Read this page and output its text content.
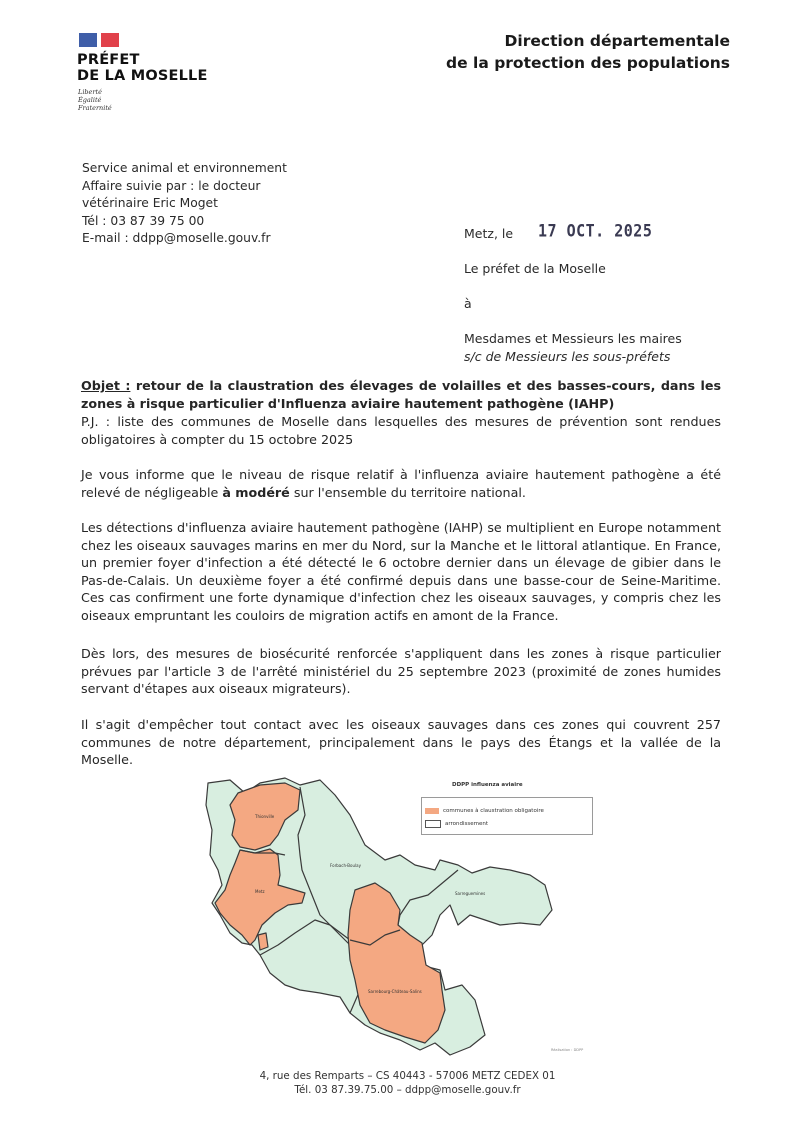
PRÉFET
DE LA MOSELLE
Liberté
Égalité
Fraternité
Direction départementale
de la protection des populations
Service animal et environnement
Affaire suivie par : le docteur
vétérinaire Eric Moget
Tél : 03 87 39 75 00
E-mail : ddpp@moselle.gouv.fr	Metz, le 17 OCT. 2025
Le préfet de la Moselle
à
Mesdames et Messieurs les maires
s/c de Messieurs les sous-préfets
Objet : retour de la claustration des élevages de volailles et des basses-cours, dans les zones à risque particulier d'Influenza aviaire hautement pathogène (IAHP)
P.J. : liste des communes de Moselle dans lesquelles des mesures de prévention sont rendues obligatoires à compter du 15 octobre 2025
Je vous informe que le niveau de risque relatif à l'influenza aviaire hautement pathogène a été relevé de négligeable à modéré sur l'ensemble du territoire national.
Les détections d'influenza aviaire hautement pathogène (IAHP) se multiplient en Europe notamment chez les oiseaux sauvages marins en mer du Nord, sur la Manche et le littoral atlantique. En France, un premier foyer d'infection a été détecté le 6 octobre dernier dans un élevage de gibier dans le Pas-de-Calais. Un deuxième foyer a été confirmé depuis dans une basse-cour de Seine-Maritime. Ces cas confirment une forte dynamique d'infection chez les oiseaux sauvages, y compris chez les oiseaux empruntant les couloirs de migration actifs en amont de la France.
Dès lors, des mesures de biosécurité renforcée s'appliquent dans les zones à risque particulier prévues par l'article 3 de l'arrêté ministériel du 25 septembre 2023 (proximité de zones humides servant d'étapes aux oiseaux migrateurs).
Il s'agit d'empêcher tout contact avec les oiseaux sauvages dans ces zones qui couvrent 257 communes de notre département, principalement dans le pays des Étangs et la vallée de la Moselle.
Thionville
Metz
Forbach-Boulay
Sarreguemines
Sarrebourg-Château-Salins
DDPP influenza aviaire
communes à claustration obligatoire
arrondissement
Réalisation : DDPP
4, rue des Remparts – CS 40443 - 57006 METZ CEDEX 01
Tél. 03 87.39.75.00 – ddpp@moselle.gouv.fr
